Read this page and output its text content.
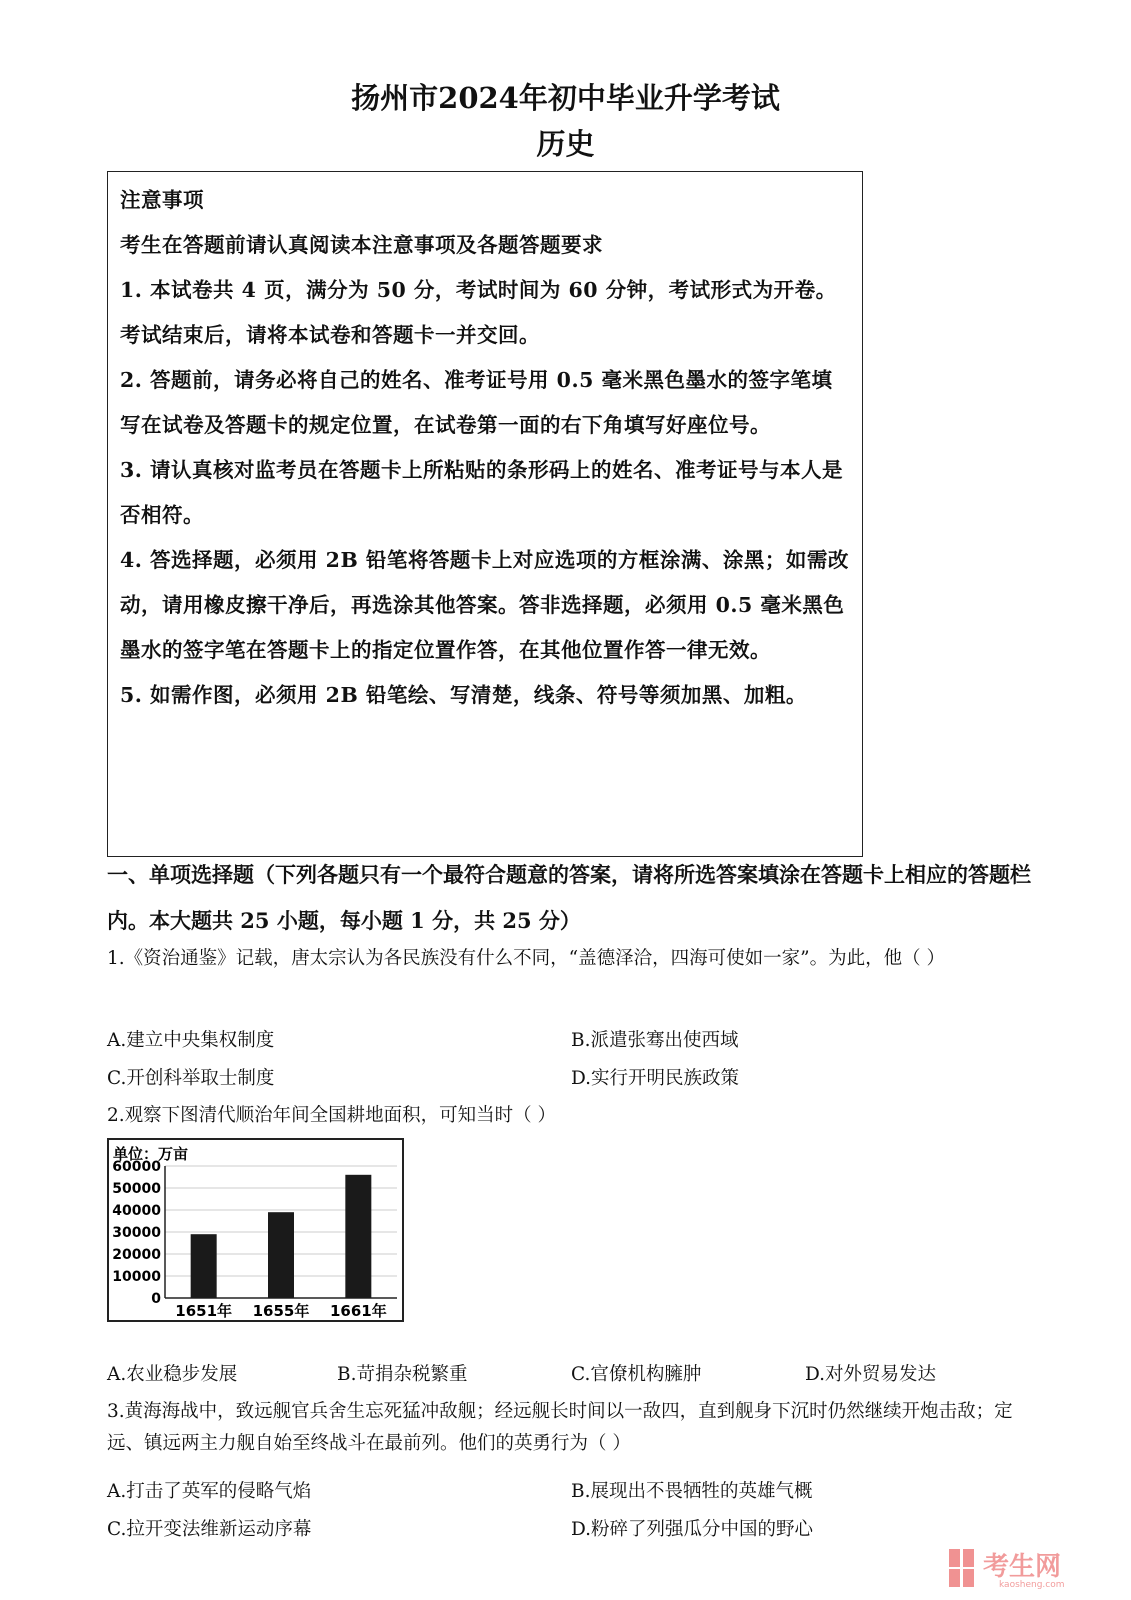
扬州市2024年初中毕业升学考试
历史

注意事项

考生在答题前请认真阅读本注意事项及各题答题要求

1. 本试卷共 4 页，满分为 50 分，考试时间为 60 分钟，考试形式为开卷。考试结束后，请将本试卷和答题卡一并交回。

2. 答题前，请务必将自己的姓名、准考证号用 0.5 毫米黑色墨水的签字笔填写在试卷及答题卡的规定位置，在试卷第一面的右下角填写好座位号。

3. 请认真核对监考员在答题卡上所粘贴的条形码上的姓名、准考证号与本人是否相符。

4. 答选择题，必须用 2B 铅笔将答题卡上对应选项的方框涂满、涂黑；如需改动，请用橡皮擦干净后，再选涂其他答案。答非选择题，必须用 0.5 毫米黑色墨水的签字笔在答题卡上的指定位置作答，在其他位置作答一律无效。

5. 如需作图，必须用 2B 铅笔绘、写清楚，线条、符号等须加黑、加粗。

一、单项选择题（下列各题只有一个最符合题意的答案，请将所选答案填涂在答题卡上相应的答题栏内。本大题共 25 小题，每小题 1 分，共 25 分）
1.《资治通鉴》记载，唐太宗认为各民族没有什么不同，“盖德泽洽，四海可使如一家”。为此，他（ ）
A.建立中央集权制度	B.派遣张骞出使西域
C.开创科举取士制度	D.实行开明民族政策
2.观察下图清代顺治年间全国耕地面积，可知当时（ ）
单位：万亩
60000
50000
40000
30000
20000
10000
0
1651年 1655年 1661年
A.农业稳步发展	B.苛捐杂税繁重	C.官僚机构臃肿	D.对外贸易发达
3.黄海海战中，致远舰官兵舍生忘死猛冲敌舰；经远舰长时间以一敌四，直到舰身下沉时仍然继续开炮击敌；定远、镇远两主力舰自始至终战斗在最前列。他们的英勇行为（ ）
A.打击了英军的侵略气焰	B.展现出不畏牺牲的英雄气概
C.拉开变法维新运动序幕	D.粉碎了列强瓜分中国的野心
考生网
kaosheng.com
